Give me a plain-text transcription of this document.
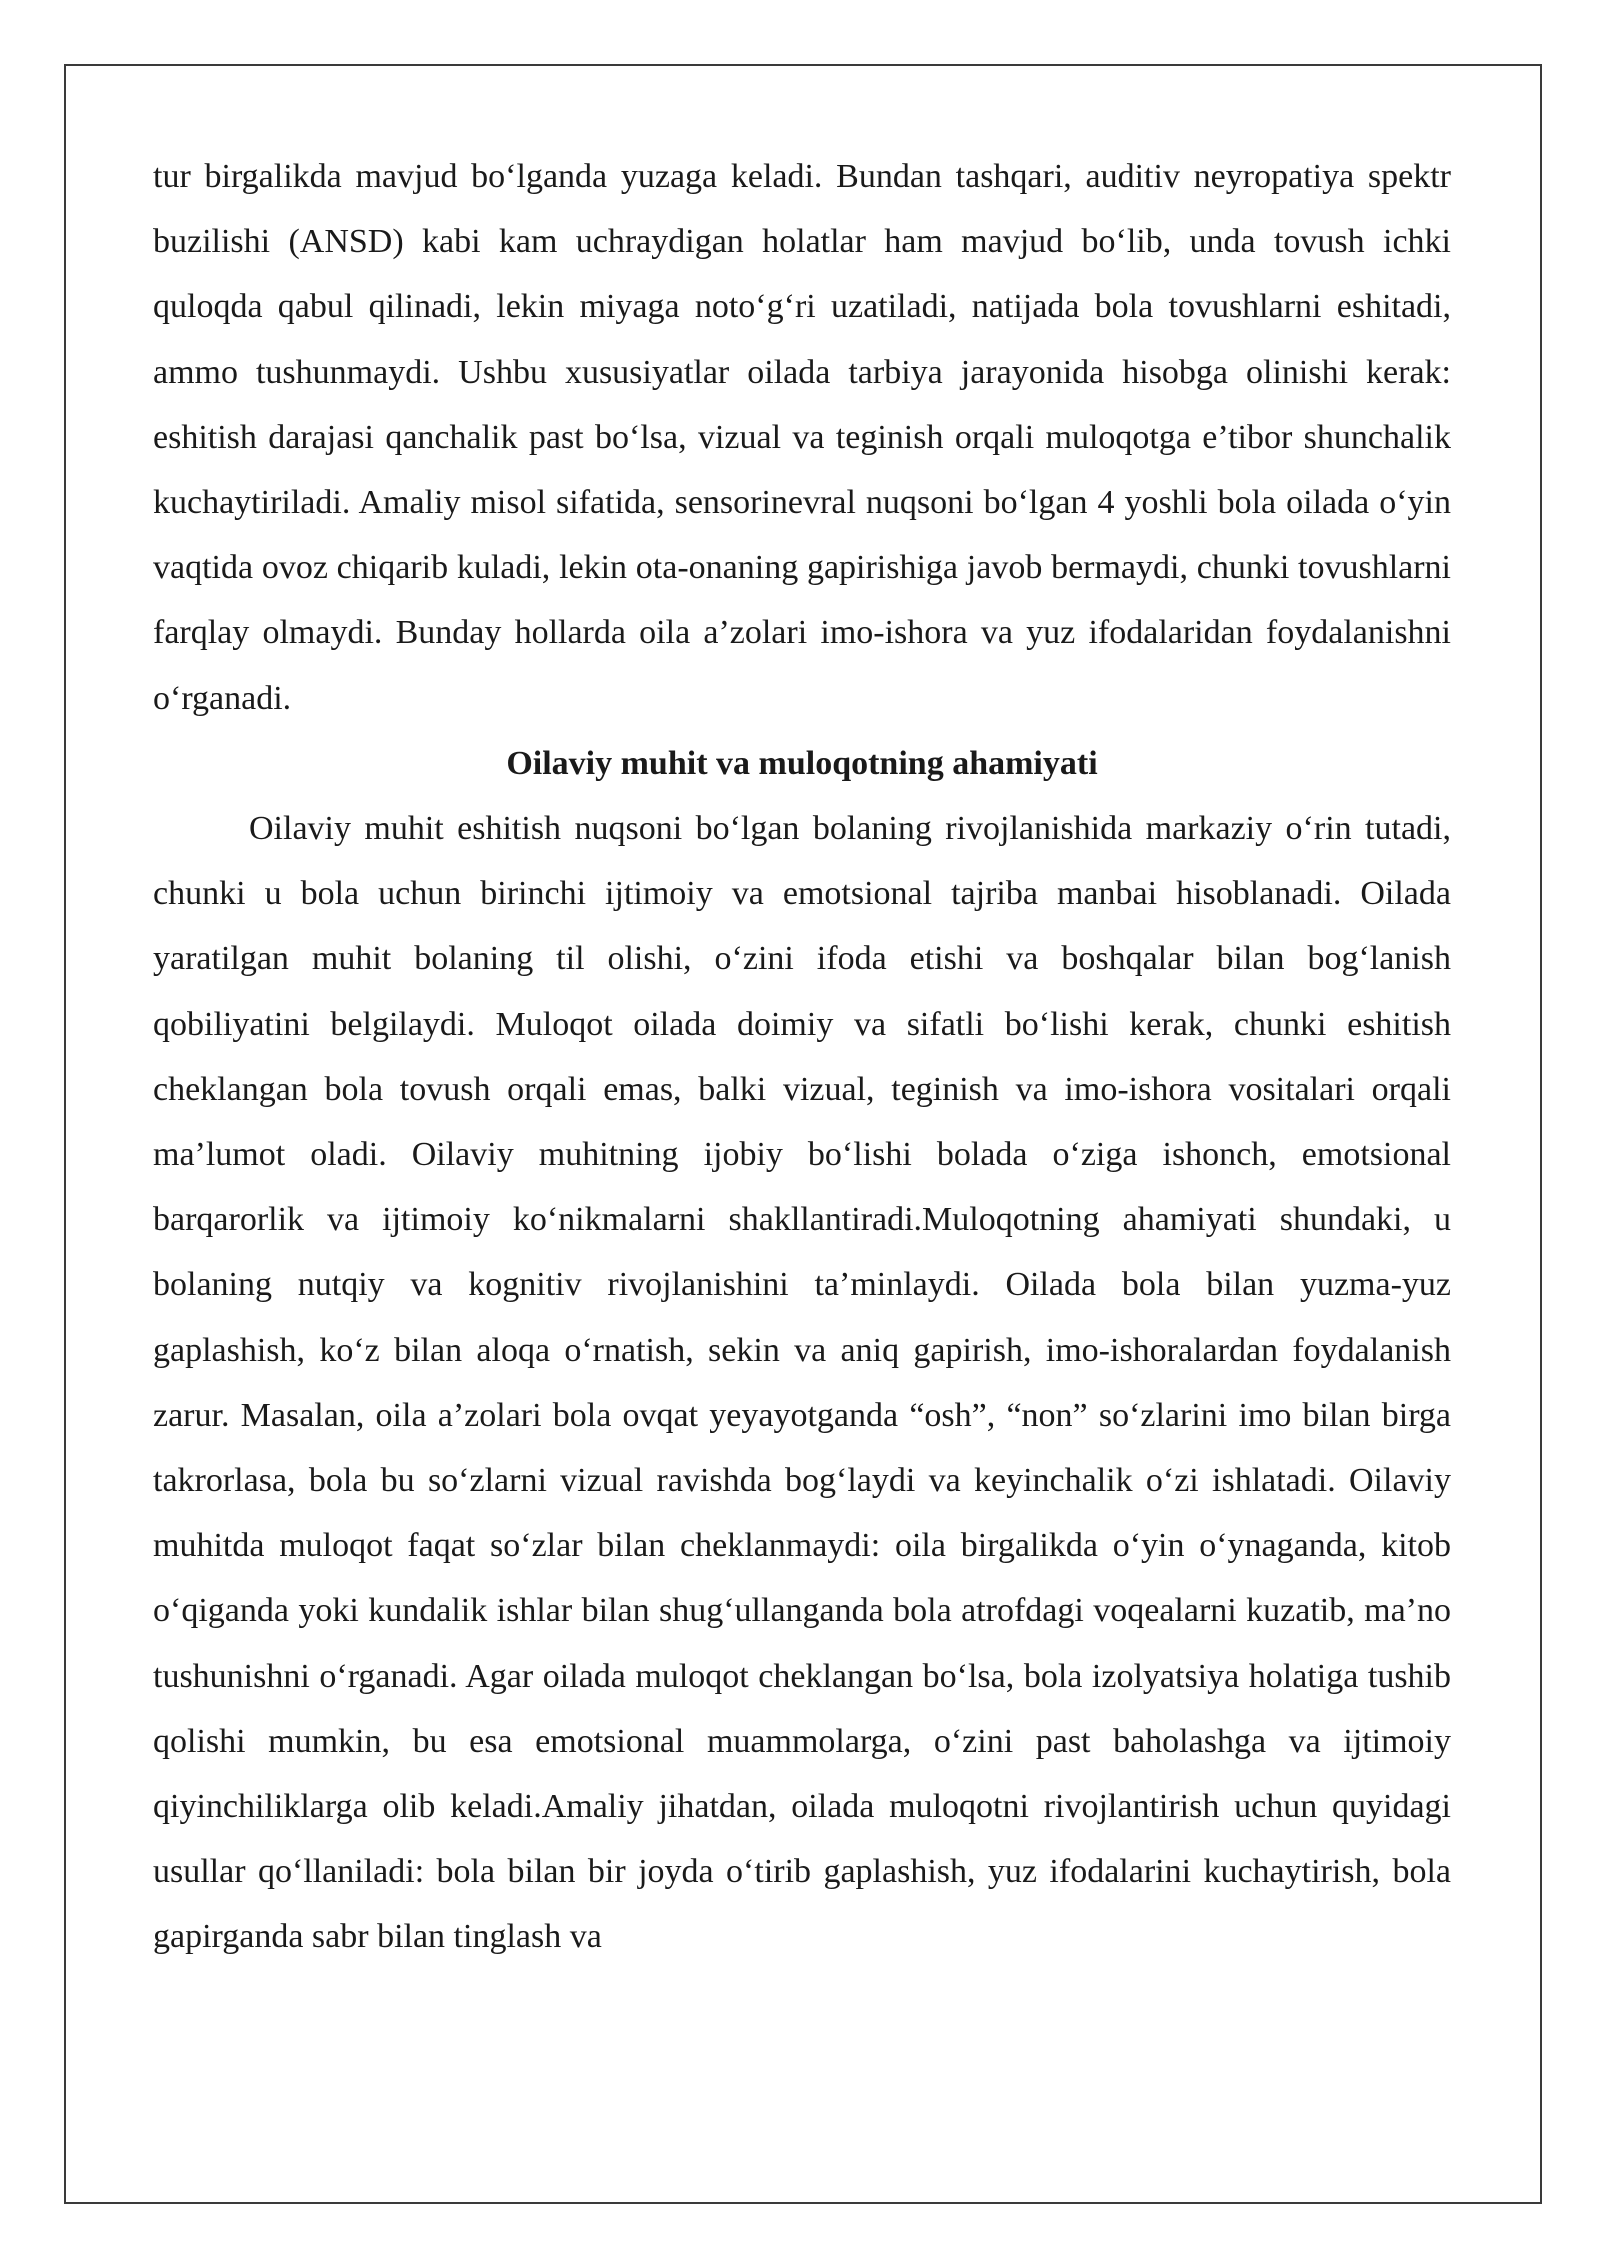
tur birgalikda mavjud bo‘lganda yuzaga keladi. Bundan tashqari, auditiv neyropatiya spektr buzilishi (ANSD) kabi kam uchraydigan holatlar ham mavjud bo‘lib, unda tovush ichki quloqda qabul qilinadi, lekin miyaga noto‘g‘ri uzatiladi, natijada bola tovushlarni eshitadi, ammo tushunmaydi. Ushbu xususiyatlar oilada tarbiya jarayonida hisobga olinishi kerak: eshitish darajasi qanchalik past bo‘lsa, vizual va teginish orqali muloqotga e’tibor shunchalik kuchaytiriladi. Amaliy misol sifatida, sensorinevral nuqsoni bo‘lgan 4 yoshli bola oilada o‘yin vaqtida ovoz chiqarib kuladi, lekin ota-onaning gapirishiga javob bermaydi, chunki tovushlarni farqlay olmaydi. Bunday hollarda oila a’zolari imo-ishora va yuz ifodalaridan foydalanishni o‘rganadi.

Oilaviy muhit va muloqotning ahamiyati

Oilaviy muhit eshitish nuqsoni bo‘lgan bolaning rivojlanishida markaziy o‘rin tutadi, chunki u bola uchun birinchi ijtimoiy va emotsional tajriba manbai hisoblanadi. Oilada yaratilgan muhit bolaning til olishi, o‘zini ifoda etishi va boshqalar bilan bog‘lanish qobiliyatini belgilaydi. Muloqot oilada doimiy va sifatli bo‘lishi kerak, chunki eshitish cheklangan bola tovush orqali emas, balki vizual, teginish va imo-ishora vositalari orqali ma’lumot oladi. Oilaviy muhitning ijobiy bo‘lishi bolada o‘ziga ishonch, emotsional barqarorlik va ijtimoiy ko‘nikmalarni shakllantiradi.Muloqotning ahamiyati shundaki, u bolaning nutqiy va kognitiv rivojlanishini ta’minlaydi. Oilada bola bilan yuzma-yuz gaplashish, ko‘z bilan aloqa o‘rnatish, sekin va aniq gapirish, imo-ishoralardan foydalanish zarur. Masalan, oila a’zolari bola ovqat yeyayotganda “osh”, “non” so‘zlarini imo bilan birga takrorlasa, bola bu so‘zlarni vizual ravishda bog‘laydi va keyinchalik o‘zi ishlatadi. Oilaviy muhitda muloqot faqat so‘zlar bilan cheklanmaydi: oila birgalikda o‘yin o‘ynaganda, kitob o‘qiganda yoki kundalik ishlar bilan shug‘ullanganda bola atrofdagi voqealarni kuzatib, ma’no tushunishni o‘rganadi. Agar oilada muloqot cheklangan bo‘lsa, bola izolyatsiya holatiga tushib qolishi mumkin, bu esa emotsional muammolarga, o‘zini past baholashga va ijtimoiy qiyinchiliklarga olib keladi.Amaliy jihatdan, oilada muloqotni rivojlantirish uchun quyidagi usullar qo‘llaniladi: bola bilan bir joyda o‘tirib gaplashish, yuz ifodalarini kuchaytirish, bola gapirganda sabr bilan tinglash va
